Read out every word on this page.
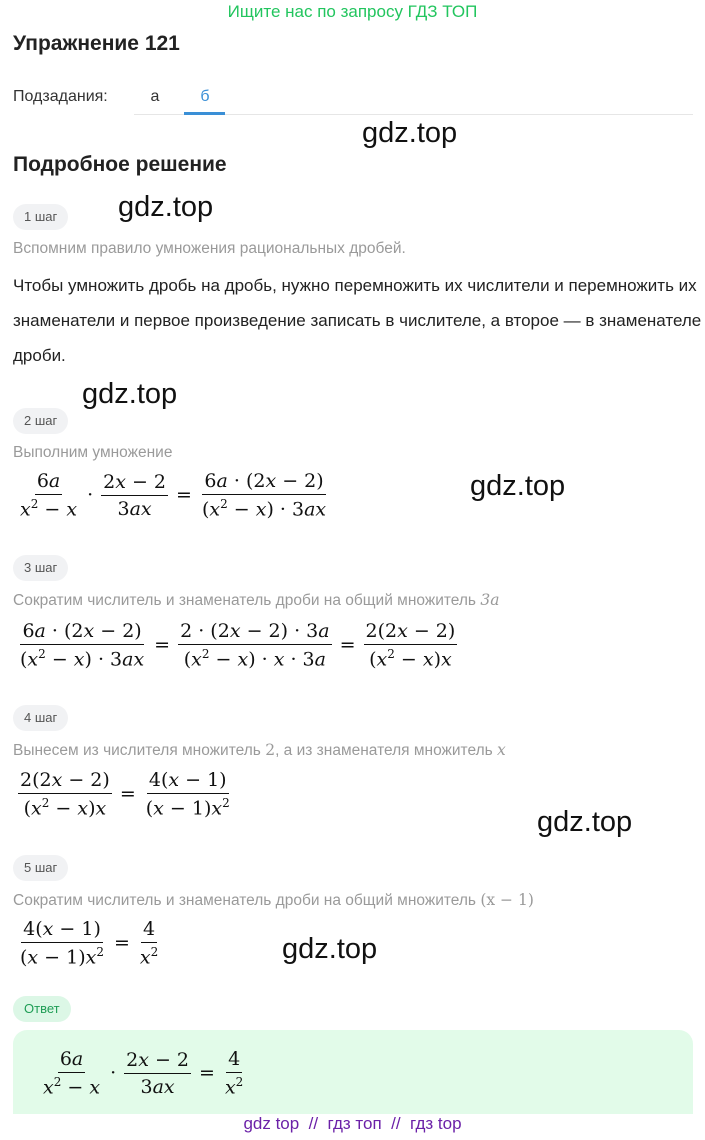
Ищите нас по запросу ГДЗ ТОП
Упражнение 121
Подзадания:	а	б
Подробное решение
gdz.top
gdz.top
gdz.top
gdz.top
gdz.top
gdz.top
1 шаг
Вспомним правило умножения рациональных дробей.
Чтобы умножить дробь на дробь, нужно перемножить их числители и перемножить их знаменатели и первое произведение записать в числителе, а второе — в знаменателе дроби.
2 шаг
Выполним умножение
$\frac{6a}{x^2 - x} \cdot \frac{2x - 2}{3ax} = \frac{6a \cdot (2x - 2)}{(x^2 - x) \cdot 3ax}$
3 шаг
Сократим числитель и знаменатель дроби на общий множитель 3a
$\frac{6a \cdot (2x - 2)}{(x^2 - x) \cdot 3ax} = \frac{2 \cdot (2x - 2) \cdot 3a}{(x^2 - x) \cdot x \cdot 3a} = \frac{2(2x - 2)}{(x^2 - x)x}$
4 шаг
Вынесем из числителя множитель 2, а из знаменателя множитель x
$\frac{2(2x - 2)}{(x^2 - x)x} = \frac{4(x - 1)}{(x - 1)x^2}$
5 шаг
Сократим числитель и знаменатель дроби на общий множитель (x − 1)
$\frac{4(x - 1)}{(x - 1)x^2} = \frac{4}{x^2}$
Ответ
$\frac{6a}{x^2 - x} \cdot \frac{2x - 2}{3ax} = \frac{4}{x^2}$
gdz top  //  гдз топ  //  гдз top
